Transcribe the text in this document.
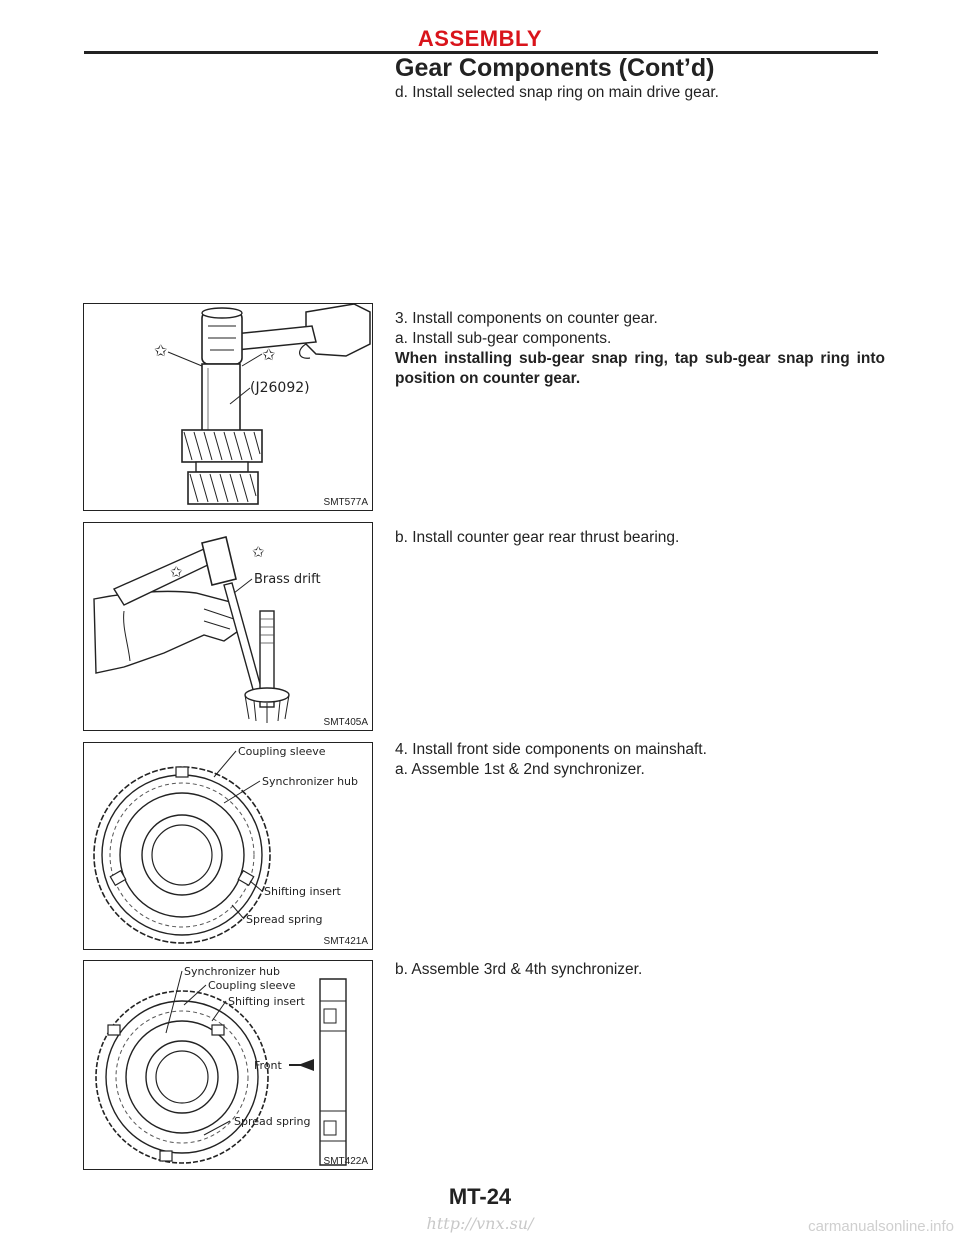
ASSEMBLY
Gear Components (Cont’d)
d. Install selected snap ring on main drive gear.
✩	✩
(J26092)
SMT577A
3. Install components on counter gear.
a. Install sub-gear components.
When installing sub-gear snap ring, tap sub-gear snap ring into position on counter gear.
✩
✩
Brass drift
SMT405A
b. Install counter gear rear thrust bearing.
Coupling sleeve
Synchronizer hub
Shifting insert
Spread spring
SMT421A
4. Install front side components on mainshaft.
a. Assemble 1st & 2nd synchronizer.
Front
Synchronizer hub
Coupling sleeve
Shifting insert
Spread spring
SMT422A
b. Assemble 3rd & 4th synchronizer.
MT-24
http://vnx.su/	carmanualsonline.info
